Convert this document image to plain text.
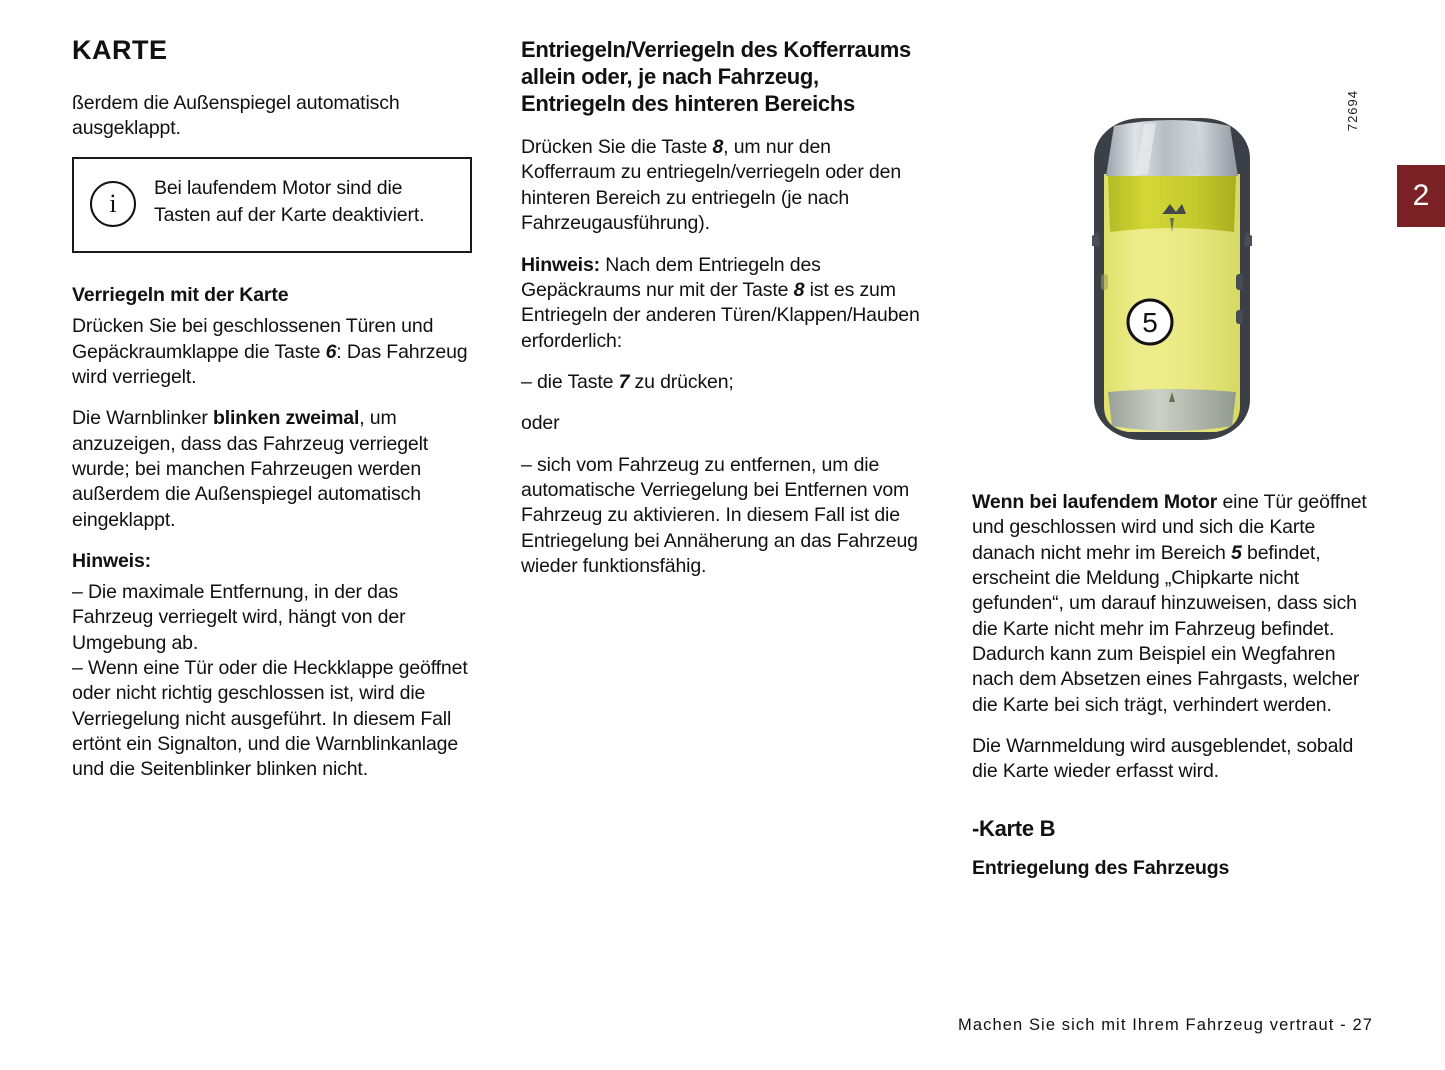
2
KARTE

ßerdem die Außenspiegel automatisch ausgeklappt.

i
Bei laufendem Motor sind die Tasten auf der Karte deaktiviert.
Verriegeln mit der Karte

Drücken Sie bei geschlossenen Türen und Gepäckraumklappe die Taste 6: Das Fahrzeug wird verriegelt.

Die Warnblinker blinken zweimal, um anzuzeigen, dass das Fahrzeug verriegelt wurde; bei manchen Fahrzeugen werden außerdem die Außenspiegel automatisch eingeklappt.

Hinweis:

– Die maximale Entfernung, in der das Fahrzeug verriegelt wird, hängt von der Umgebung ab.

– Wenn eine Tür oder die Heckklappe geöffnet oder nicht richtig geschlossen ist, wird die Verriegelung nicht ausgeführt. In diesem Fall ertönt ein Signalton, und die Warnblinkanlage und die Seitenblinker blinken nicht.

Entriegeln/Verriegeln des Kofferraums allein oder, je nach Fahrzeug, Entriegeln des hinteren Bereichs

Drücken Sie die Taste 8, um nur den Kofferraum zu entriegeln/verriegeln oder den hinteren Bereich zu entriegeln (je nach Fahrzeugausführung).

Hinweis: Nach dem Entriegeln des Gepäckraums nur mit der Taste 8 ist es zum Entriegeln der anderen Türen/Klappen/Hauben erforderlich:

– die Taste 7 zu drücken;

oder

– sich vom Fahrzeug zu entfernen, um die automatische Verriegelung bei Entfernen vom Fahrzeug zu aktivieren. In diesem Fall ist die Entriegelung bei Annäherung an das Fahrzeug wieder funktionsfähig.

72694
5

Wenn bei laufendem Motor eine Tür geöffnet und geschlossen wird und sich die Karte danach nicht mehr im Bereich 5 befindet, erscheint die Meldung „Chipkarte nicht gefunden“, um darauf hinzuweisen, dass sich die Karte nicht mehr im Fahrzeug befindet. Dadurch kann zum Beispiel ein Wegfahren nach dem Absetzen eines Fahrgasts, welcher die Karte bei sich trägt, verhindert werden.

Die Warnmeldung wird ausgeblendet, sobald die Karte wieder erfasst wird.

-Karte B
Entriegelung des Fahrzeugs
Machen Sie sich mit Ihrem Fahrzeug vertraut - 27
